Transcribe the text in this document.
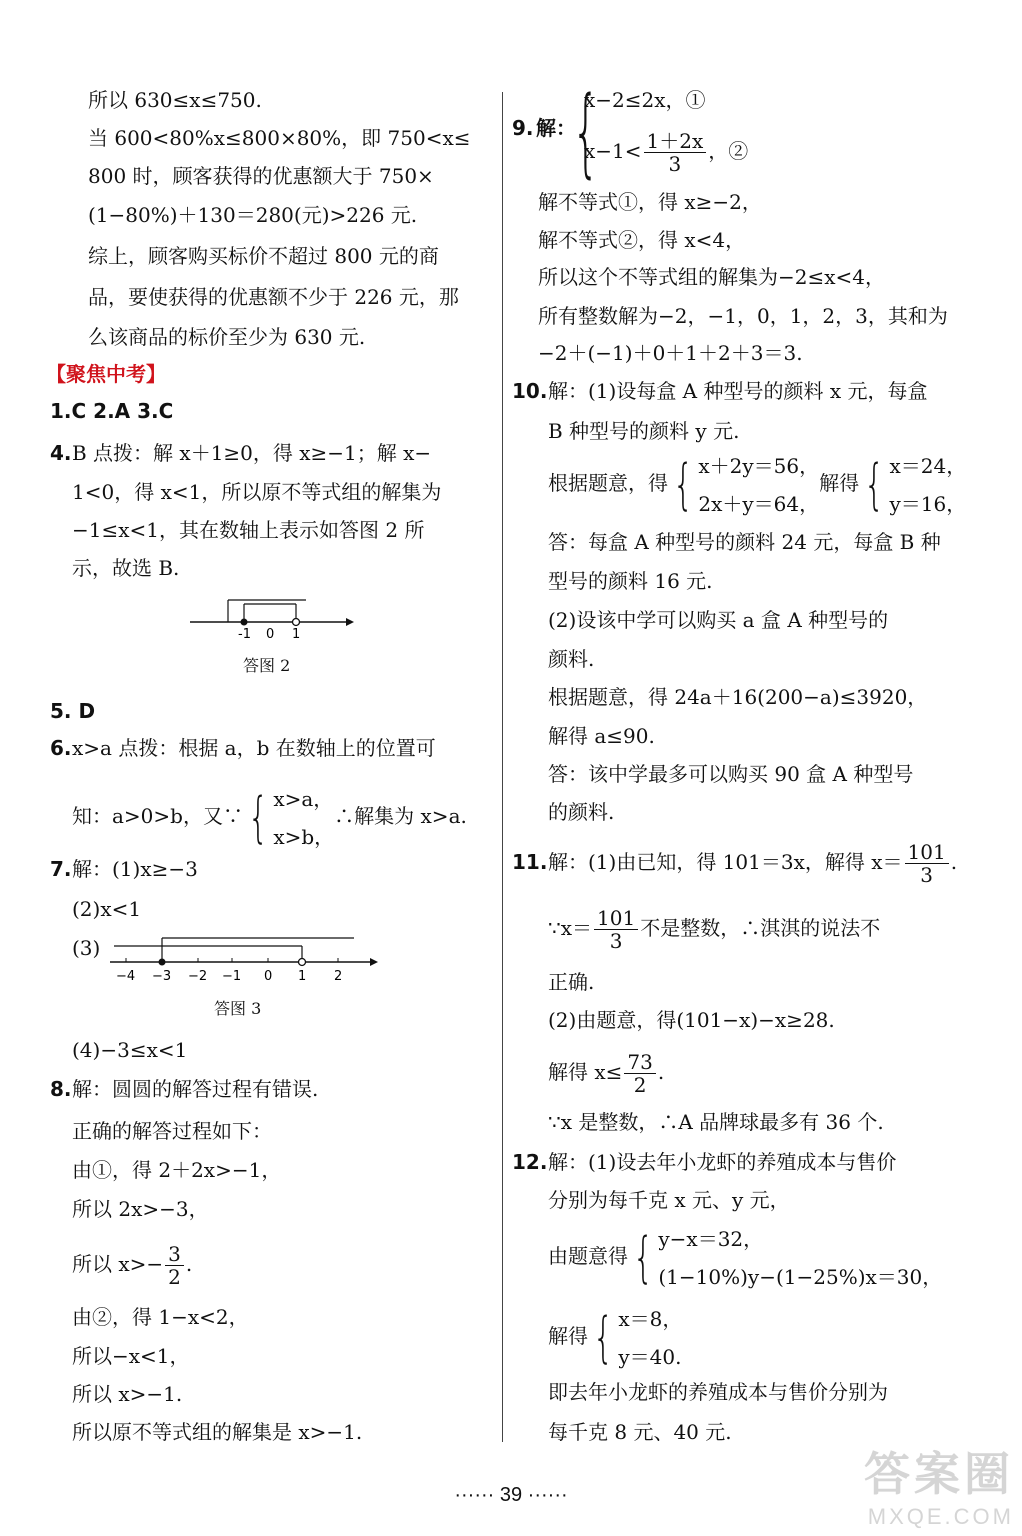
所以 630≤x≤750.
当 600<80%x≤800×80%，即 750<x≤
800 时，顾客获得的优惠额大于 750×
(1−80%)＋130＝280(元)>226 元.
综上，顾客购买标价不超过 800 元的商
品，要使获得的优惠额不少于 226 元，那
么该商品的标价至少为 630 元.
【聚焦中考】
1.C 2.A 3.C
4. B 点拨：解 x＋1≥0，得 x≥−1；解 x−
1<0，得 x<1，所以原不等式组的解集为
−1≤x<1，其在数轴上表示如答图 2 所
示，故选 B.
-1 0 1
答图 2
5. D
6. x>a 点拨：根据 a，b 在数轴上的位置可
知：a>0>b，又∵{ x>a，
x>b，
∴解集为 x>a.
7. 解：(1)x≥−3
(2)x<1
(3)
−4 −3 −2 −1 0 1 2
答图 3
(4)−3≤x<1
8. 解：圆圆的解答过程有错误.
正确的解答过程如下：
由①，得 2＋2x>−1，
所以 2x>−3，
所以 $x>- \frac{3}{2}$ .
由②，得 1−x<2，
所以−x<1，
所以 x>−1.
所以原不等式组的解集是 x>−1.
9. 解：
{
x−2≤2x，①
$x-1< \frac{1+2x}{3}$ ，②
解不等式①，得 x≥−2，
解不等式②，得 x<4，
所以这个不等式组的解集为−2≤x<4，
所有整数解为−2，−1，0，1，2，3，其和为
−2＋(−1)＋0＋1＋2＋3＝3.
10. 解：(1)设每盒 A 种型号的颜料 x 元，每盒
B 种型号的颜料 y 元.
根据题意，得{ x＋2y＝56，
2x＋y＝64，
解得{ x＝24，
y＝16，
答：每盒 A 种型号的颜料 24 元，每盒 B 种
型号的颜料 16 元.
(2)设该中学可以购买 a 盒 A 种型号的
颜料.
根据题意，得 24a＋16(200−a)≤3920，
解得 a≤90.
答：该中学最多可以购买 90 盒 A 种型号
的颜料.
11. 解：(1)由已知，得 101＝3x，解得 $x= \frac{101}{3}$ .
∵x＝ $\frac{101}{3}$ 不是整数，∴淇淇的说法不
正确.
(2)由题意，得(101−x)−x≥28.
解得 $x\le \frac{73}{2}$ .
∵x 是整数，∴A 品牌球最多有 36 个.
12. 解：(1)设去年小龙虾的养殖成本与售价
分别为每千克 x 元、y 元，
由题意得{ y−x＝32，
(1−10%)y−(1−25%)x＝30，
解得{ x＝8，
y＝40.
即去年小龙虾的养殖成本与售价分别为
每千克 8 元、40 元.
······ 39 ······	答案圈
MXQE.COM
